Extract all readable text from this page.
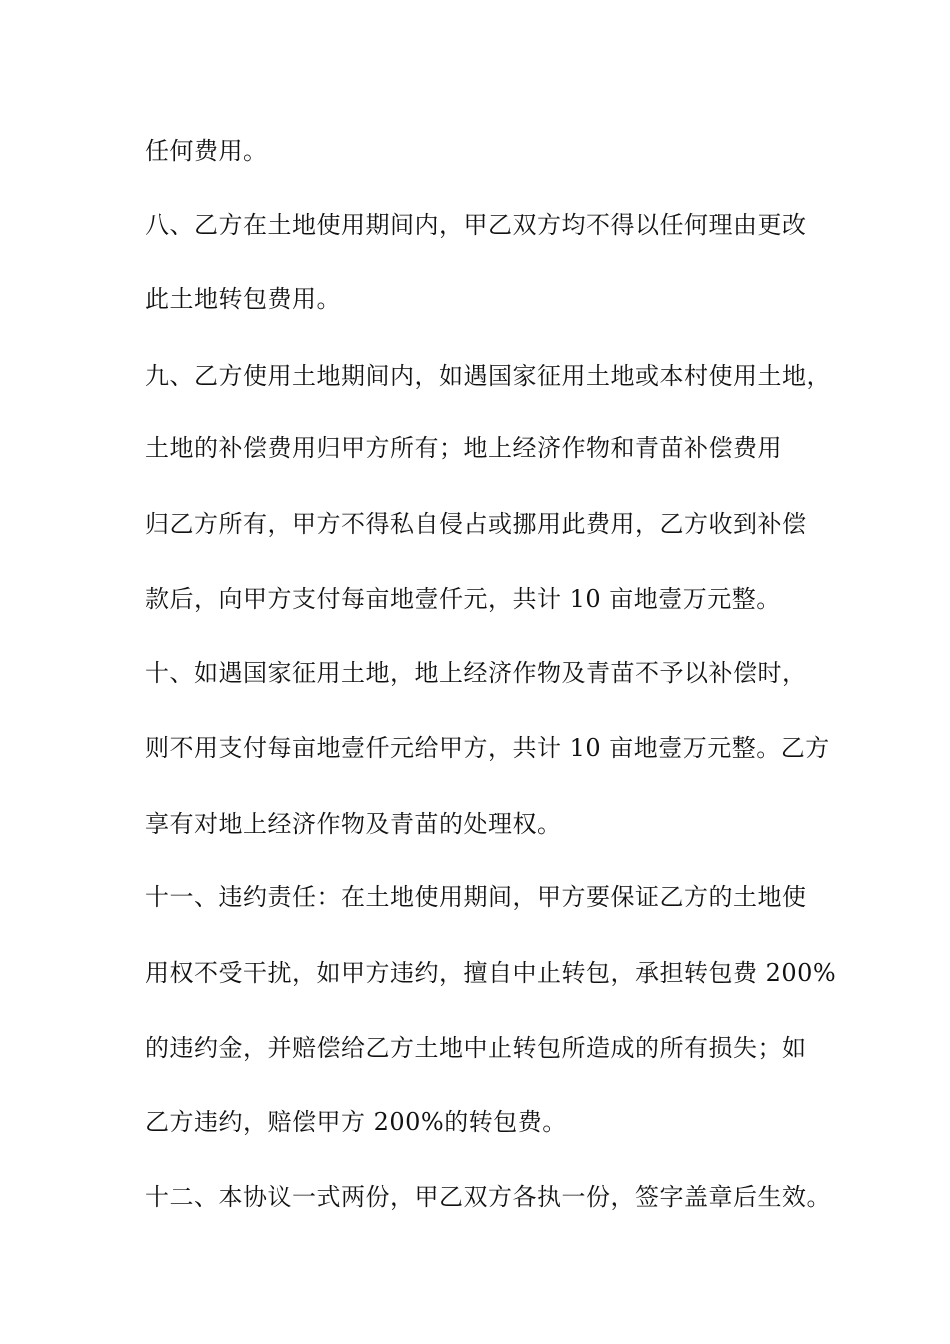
任何费用。
八、乙方在土地使用期间内，甲乙双方均不得以任何理由更改
此土地转包费用。
九、乙方使用土地期间内，如遇国家征用土地或本村使用土地，
土地的补偿费用归甲方所有；地上经济作物和青苗补偿费用
归乙方所有，甲方不得私自侵占或挪用此费用，乙方收到补偿
款后，向甲方支付每亩地壹仟元，共计 10 亩地壹万元整。
十、如遇国家征用土地，地上经济作物及青苗不予以补偿时，
则不用支付每亩地壹仟元给甲方，共计 10 亩地壹万元整。乙方
享有对地上经济作物及青苗的处理权。
十一、违约责任：在土地使用期间，甲方要保证乙方的土地使
用权不受干扰，如甲方违约，擅自中止转包，承担转包费 200%
的违约金，并赔偿给乙方土地中止转包所造成的所有损失；如
乙方违约，赔偿甲方 200%的转包费。
十二、本协议一式两份，甲乙双方各执一份，签字盖章后生效。
